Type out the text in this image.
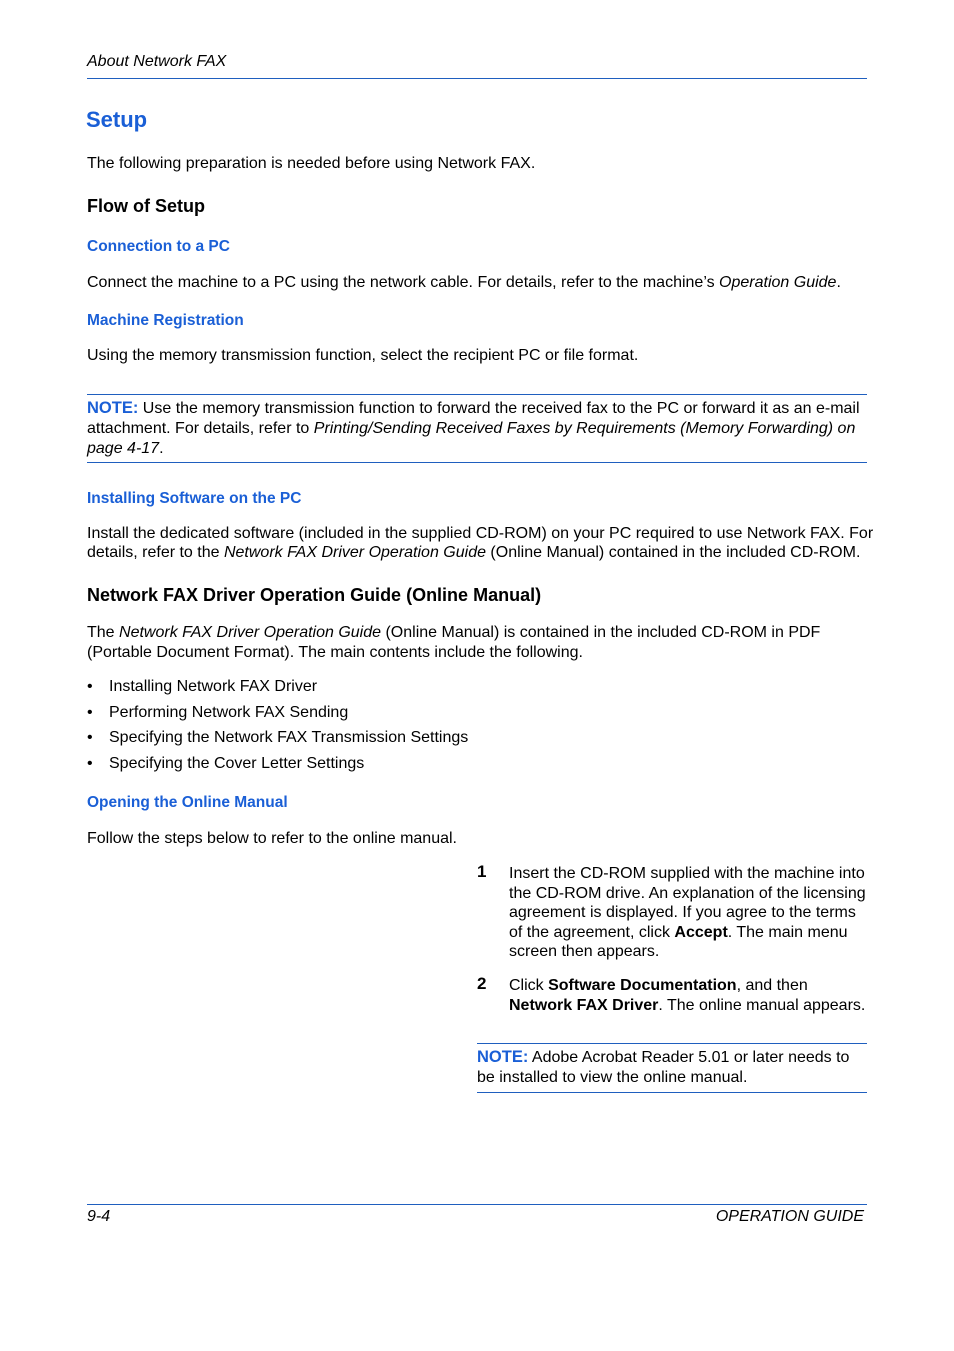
About Network FAX
Setup
The following preparation is needed before using Network FAX.
Flow of Setup
Connection to a PC
Connect the machine to a PC using the network cable. For details, refer to the machine’s Operation Guide.
Machine Registration
Using the memory transmission function, select the recipient PC or file format.
NOTE: Use the memory transmission function to forward the received fax to the PC or forward it as an e-mail attachment. For details, refer to Printing/Sending Received Faxes by Requirements (Memory Forwarding) on page 4-17.
Installing Software on the PC
Install the dedicated software (included in the supplied CD-ROM) on your PC required to use Network FAX. For
details, refer to the Network FAX Driver Operation Guide (Online Manual) contained in the included CD-ROM.
Network FAX Driver Operation Guide (Online Manual)
The Network FAX Driver Operation Guide (Online Manual) is contained in the included CD-ROM in PDF
(Portable Document Format). The main contents include the following.
• Installing Network FAX Driver
• Performing Network FAX Sending
• Specifying the Network FAX Transmission Settings
• Specifying the Cover Letter Settings
Opening the Online Manual
Follow the steps below to refer to the online manual.
1 Insert the CD-ROM supplied with the machine into the CD-ROM drive. An explanation of the licensing agreement is displayed. If you agree to the terms of the agreement, click Accept. The main menu screen then appears.
2 Click Software Documentation, and then
Network FAX Driver. The online manual appears.
NOTE: Adobe Acrobat Reader 5.01 or later needs to be installed to view the online manual.
9-4	OPERATION GUIDE
